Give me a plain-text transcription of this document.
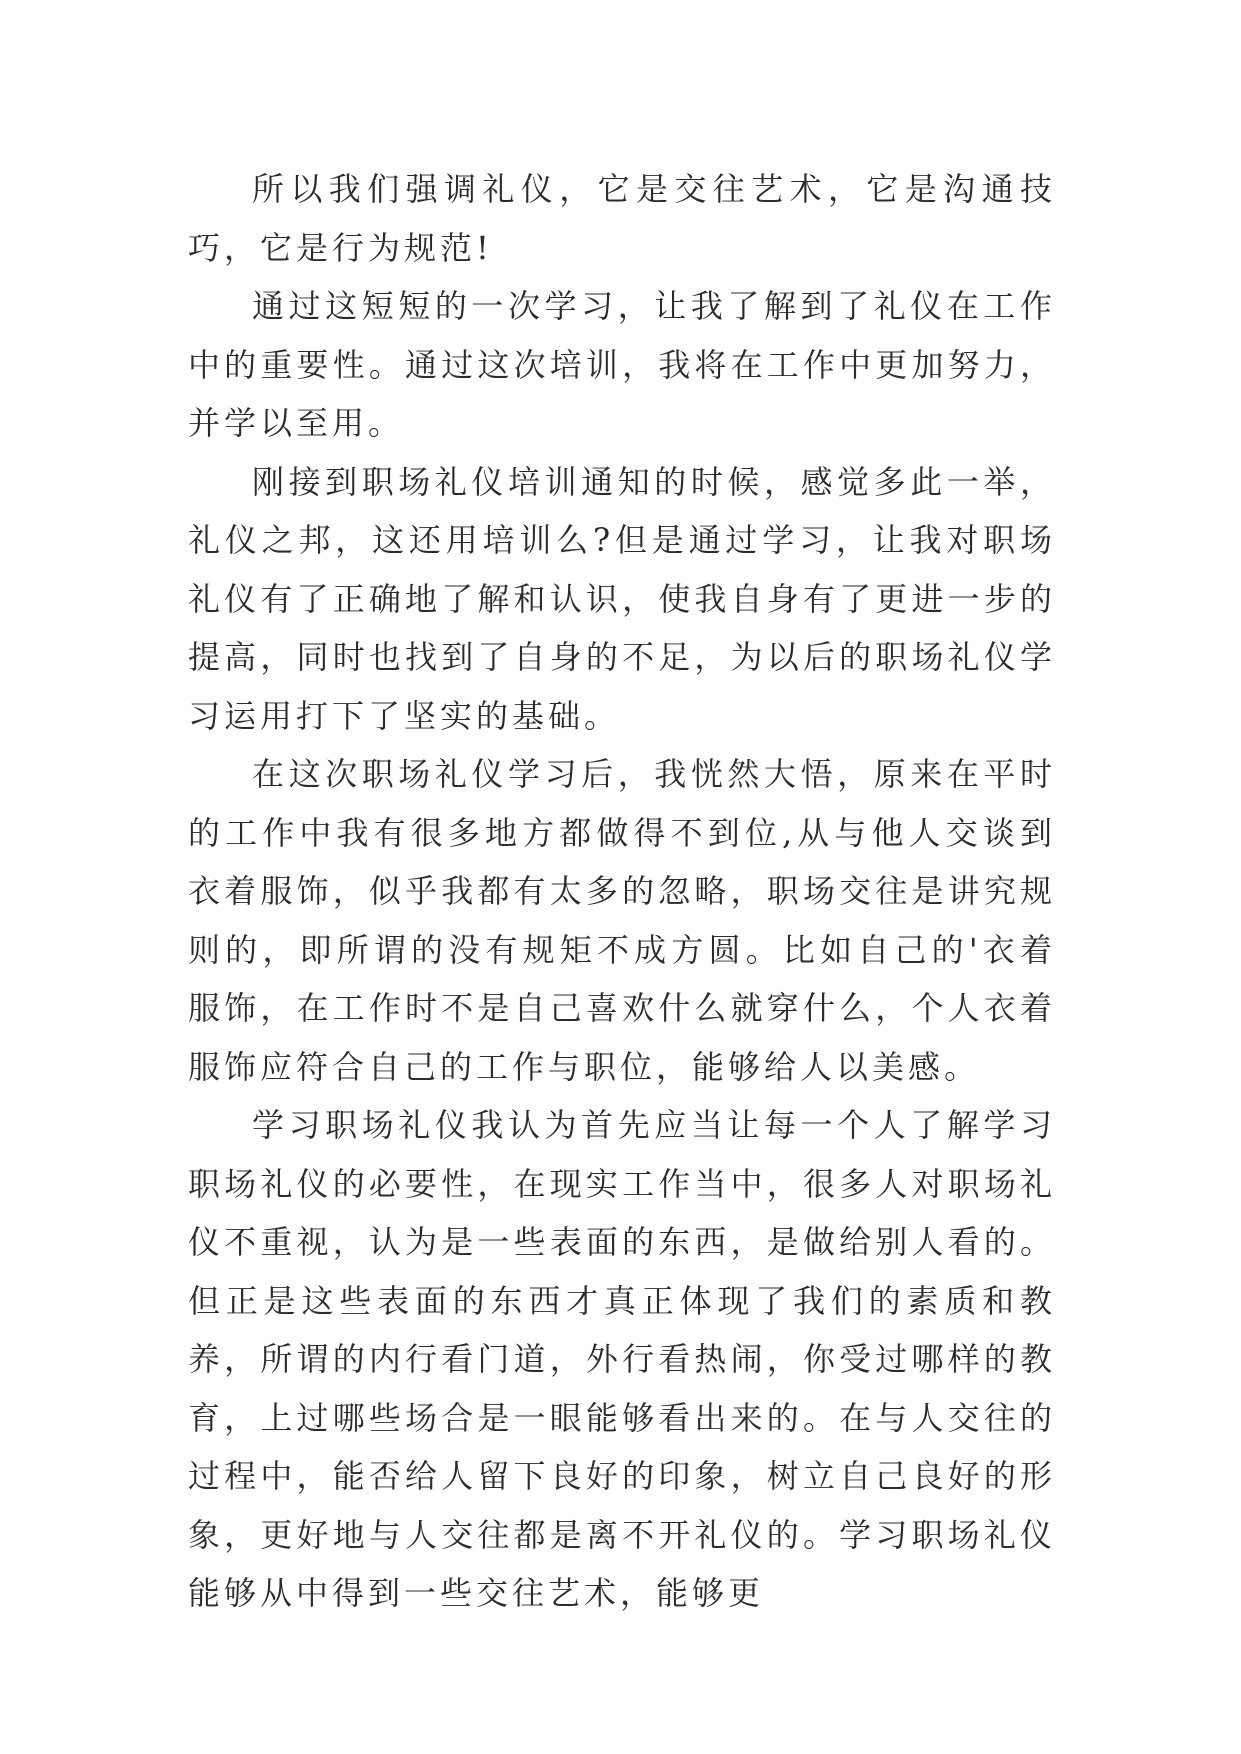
所以我们强调礼仪，它是交往艺术，它是沟通技巧，它是行为规范!

通过这短短的一次学习，让我了解到了礼仪在工作中的重要性。通过这次培训，我将在工作中更加努力，并学以至用。

刚接到职场礼仪培训通知的时候，感觉多此一举，礼仪之邦，这还用培训么?但是通过学习，让我对职场礼仪有了正确地了解和认识，使我自身有了更进一步的提高，同时也找到了自身的不足，为以后的职场礼仪学习运用打下了坚实的基础。

在这次职场礼仪学习后，我恍然大悟，原来在平时的工作中我有很多地方都做得不到位,从与他人交谈到衣着服饰，似乎我都有太多的忽略，职场交往是讲究规则的，即所谓的没有规矩不成方圆。比如自己的'衣着服饰，在工作时不是自己喜欢什么就穿什么，个人衣着服饰应符合自己的工作与职位，能够给人以美感。

学习职场礼仪我认为首先应当让每一个人了解学习职场礼仪的必要性，在现实工作当中，很多人对职场礼仪不重视，认为是一些表面的东西，是做给别人看的。但正是这些表面的东西才真正体现了我们的素质和教养，所谓的内行看门道，外行看热闹，你受过哪样的教育，上过哪些场合是一眼能够看出来的。在与人交往的过程中，能否给人留下良好的印象，树立自己良好的形象，更好地与人交往都是离不开礼仪的。学习职场礼仪能够从中得到一些交往艺术，能够更
